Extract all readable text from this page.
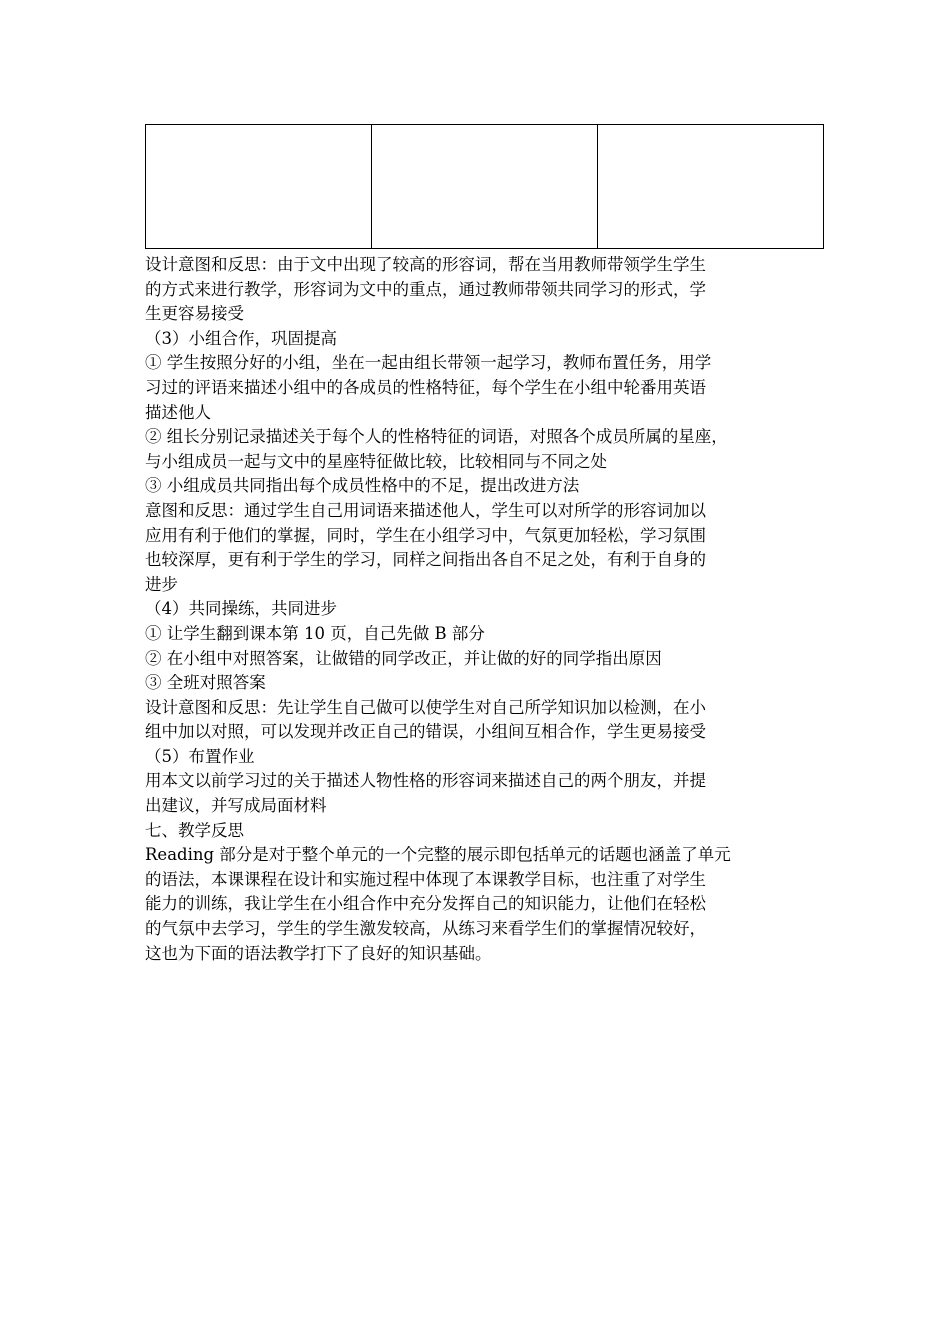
设计意图和反思：由于文中出现了较高的形容词，帮在当用教师带领学生学生

的方式来进行教学，形容词为文中的重点，通过教师带领共同学习的形式，学

生更容易接受

（3）小组合作，巩固提高

① 学生按照分好的小组，坐在一起由组长带领一起学习，教师布置任务，用学

习过的评语来描述小组中的各成员的性格特征，每个学生在小组中轮番用英语

描述他人

② 组长分别记录描述关于每个人的性格特征的词语，对照各个成员所属的星座，

与小组成员一起与文中的星座特征做比较，比较相同与不同之处

③ 小组成员共同指出每个成员性格中的不足，提出改进方法

意图和反思：通过学生自己用词语来描述他人，学生可以对所学的形容词加以

应用有利于他们的掌握，同时，学生在小组学习中，气氛更加轻松，学习氛围

也较深厚，更有利于学生的学习，同样之间指出各自不足之处，有利于自身的

进步

（4）共同操练，共同进步

① 让学生翻到课本第 10 页，自己先做 B 部分

② 在小组中对照答案，让做错的同学改正，并让做的好的同学指出原因

③ 全班对照答案

设计意图和反思：先让学生自己做可以使学生对自己所学知识加以检测，在小

组中加以对照，可以发现并改正自己的错误，小组间互相合作，学生更易接受

（5）布置作业

用本文以前学习过的关于描述人物性格的形容词来描述自己的两个朋友，并提

出建议，并写成局面材料

七、教学反思

Reading 部分是对于整个单元的一个完整的展示即包括单元的话题也涵盖了单元

的语法，本课课程在设计和实施过程中体现了本课教学目标，也注重了对学生

能力的训练，我让学生在小组合作中充分发挥自己的知识能力，让他们在轻松

的气氛中去学习，学生的学生激发较高，从练习来看学生们的掌握情况较好，

这也为下面的语法教学打下了良好的知识基础。
